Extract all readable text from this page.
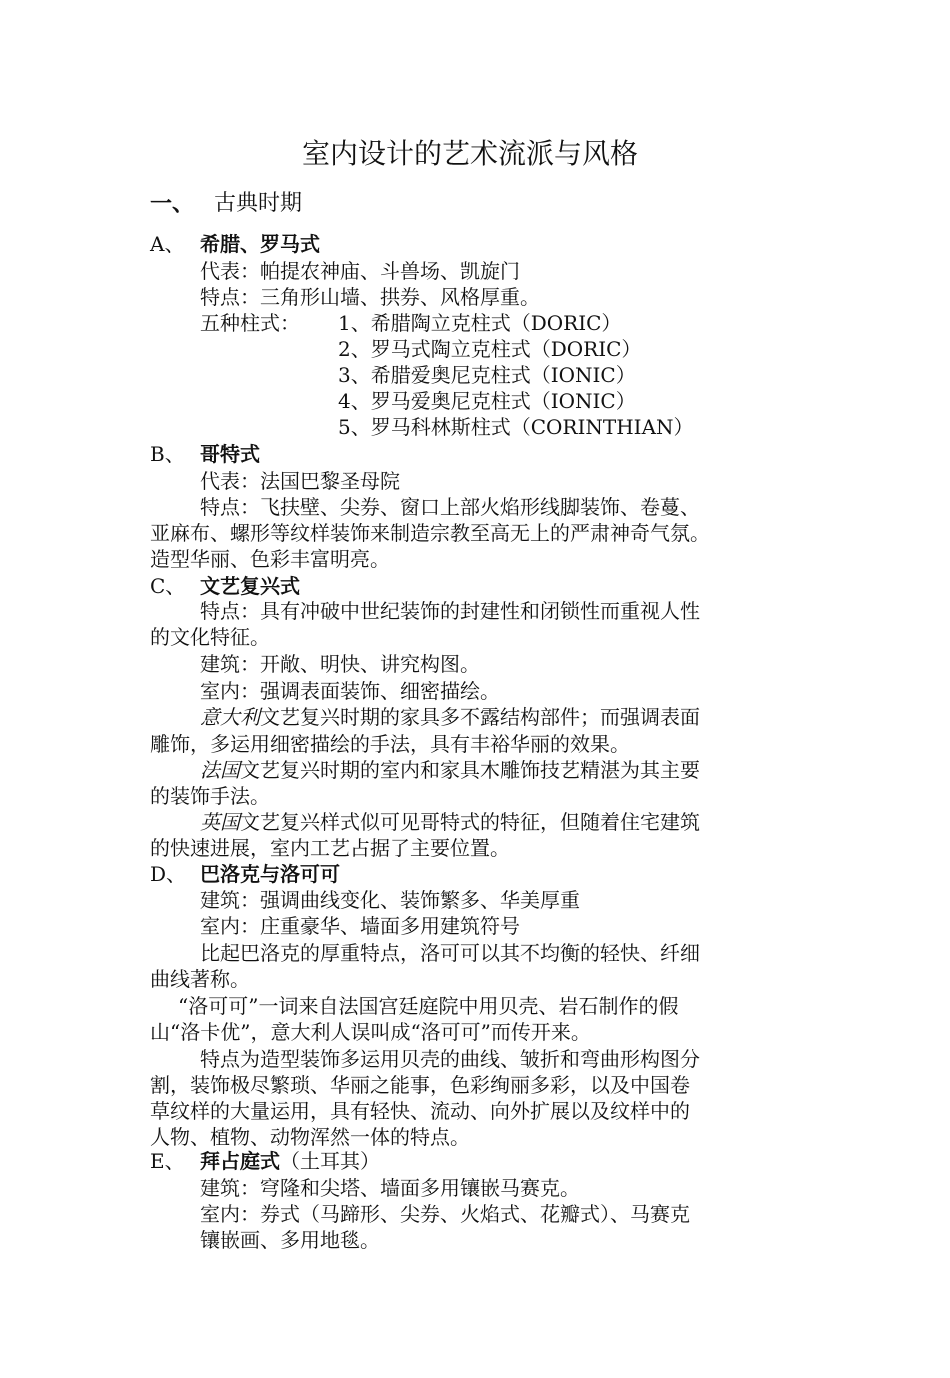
室内设计的艺术流派与风格
一、 古典时期
A、 希腊、罗马式
代表：帕提农神庙、斗兽场、凯旋门
特点：三角形山墙、拱券、风格厚重。
五种柱式： 1、希腊陶立克柱式（DORIC）
2、罗马式陶立克柱式（DORIC）
3、希腊爱奥尼克柱式（IONIC）
4、罗马爱奥尼克柱式（IONIC）
5、罗马科林斯柱式（CORINTHIAN）
B、 哥特式
代表：法国巴黎圣母院
特点：飞扶壁、尖券、窗口上部火焰形线脚装饰、卷蔓、
亚麻布、螺形等纹样装饰来制造宗教至高无上的严肃神奇气氛。
造型华丽、色彩丰富明亮。
C、 文艺复兴式
特点：具有冲破中世纪装饰的封建性和闭锁性而重视人性
的文化特征。
建筑：开敞、明快、讲究构图。
室内：强调表面装饰、细密描绘。
意大利文艺复兴时期的家具多不露结构部件；而强调表面
雕饰，多运用细密描绘的手法，具有丰裕华丽的效果。
法国文艺复兴时期的室内和家具木雕饰技艺精湛为其主要
的装饰手法。
英国文艺复兴样式似可见哥特式的特征，但随着住宅建筑
的快速进展，室内工艺占据了主要位置。
D、 巴洛克与洛可可
建筑：强调曲线变化、装饰繁多、华美厚重
室内：庄重豪华、墙面多用建筑符号
比起巴洛克的厚重特点，洛可可以其不均衡的轻快、纤细
曲线著称。
“洛可可”一词来自法国宫廷庭院中用贝壳、岩石制作的假
山“洛卡优”，意大利人误叫成“洛可可”而传开来。
特点为造型装饰多运用贝壳的曲线、皱折和弯曲形构图分
割，装饰极尽繁琐、华丽之能事，色彩绚丽多彩，以及中国卷
草纹样的大量运用，具有轻快、流动、向外扩展以及纹样中的
人物、植物、动物浑然一体的特点。
E、 拜占庭式（土耳其）
建筑：穹隆和尖塔、墙面多用镶嵌马赛克。
室内：券式（马蹄形、尖券、火焰式、花瓣式）、马赛克
镶嵌画、多用地毯。
